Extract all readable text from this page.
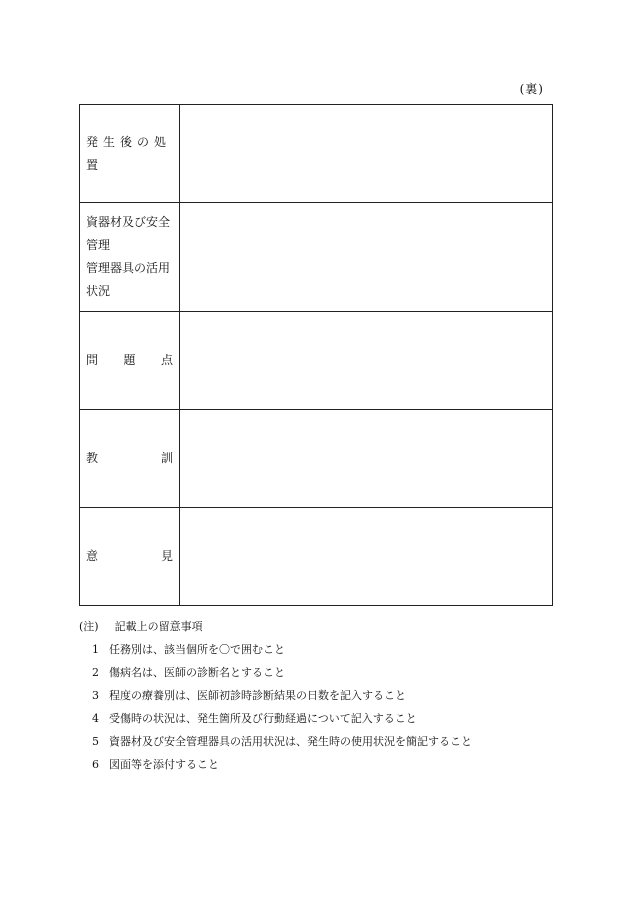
(裏)
発生後の処置	

資器材及び安全
管理
管理器具の活用
状況	

問 題 点	

教 訓	

意 見	

(注) 記載上の留意事項
1 任務別は、該当個所を〇で囲むこと
2 傷病名は、医師の診断名とすること
3 程度の療養別は、医師初診時診断結果の日数を記入すること
4 受傷時の状況は、発生箇所及び行動経過について記入すること
5 資器材及び安全管理器具の活用状況は、発生時の使用状況を簡記すること
6 図面等を添付すること
